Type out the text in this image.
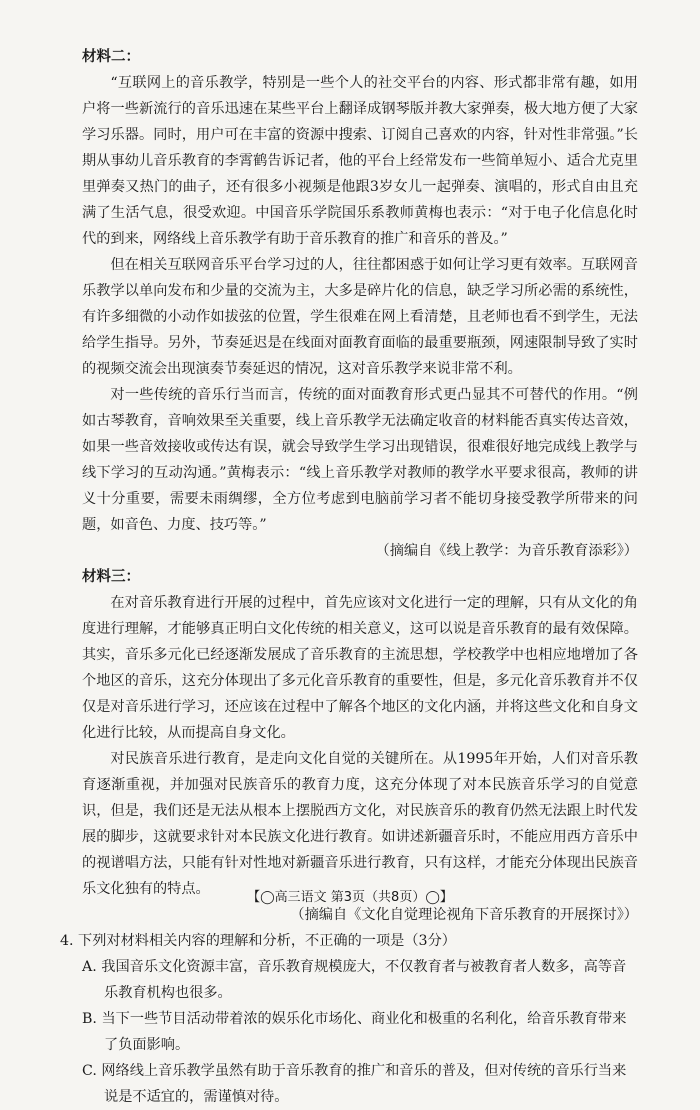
材料二：

“互联网上的音乐教学，特别是一些个人的社交平台的内容、形式都非常有趣，如用户将一些新流行的音乐迅速在某些平台上翻译成钢琴版并教大家弹奏，极大地方便了大家学习乐器。同时，用户可在丰富的资源中搜索、订阅自己喜欢的内容，针对性非常强。”长期从事幼儿音乐教育的李霄鹤告诉记者，他的平台上经常发布一些简单短小、适合尤克里里弹奏又热门的曲子，还有很多小视频是他跟3岁女儿一起弹奏、演唱的，形式自由且充满了生活气息，很受欢迎。中国音乐学院国乐系教师黄梅也表示：“对于电子化信息化时代的到来，网络线上音乐教学有助于音乐教育的推广和音乐的普及。”

但在相关互联网音乐平台学习过的人，往往都困惑于如何让学习更有效率。互联网音乐教学以单向发布和少量的交流为主，大多是碎片化的信息，缺乏学习所必需的系统性，有许多细微的小动作如拔弦的位置，学生很难在网上看清楚，且老师也看不到学生，无法给学生指导。另外，节奏延迟是在线面对面教育面临的最重要瓶颈，网速限制导致了实时的视频交流会出现演奏节奏延迟的情况，这对音乐教学来说非常不利。

对一些传统的音乐行当而言，传统的面对面教育形式更凸显其不可替代的作用。“例如古琴教育，音响效果至关重要，线上音乐教学无法确定收音的材料能否真实传达音效，如果一些音效接收或传达有误，就会导致学生学习出现错误，很难很好地完成线上教学与线下学习的互动沟通。”黄梅表示：“线上音乐教学对教师的教学水平要求很高，教师的讲义十分重要，需要未雨绸缪，全方位考虑到电脑前学习者不能切身接受教学所带来的问题，如音色、力度、技巧等。”

（摘编自《线上教学：为音乐教育添彩》）

材料三：

在对音乐教育进行开展的过程中，首先应该对文化进行一定的理解，只有从文化的角度进行理解，才能够真正明白文化传统的相关意义，这可以说是音乐教育的最有效保障。其实，音乐多元化已经逐渐发展成了音乐教育的主流思想，学校教学中也相应地增加了各个地区的音乐，这充分体现出了多元化音乐教育的重要性，但是，多元化音乐教育并不仅仅是对音乐进行学习，还应该在过程中了解各个地区的文化内涵，并将这些文化和自身文化进行比较，从而提高自身文化。

对民族音乐进行教育，是走向文化自觉的关键所在。从1995年开始，人们对音乐教育逐渐重视，并加强对民族音乐的教育力度，这充分体现了对本民族音乐学习的自觉意识，但是，我们还是无法从根本上摆脱西方文化，对民族音乐的教育仍然无法跟上时代发展的脚步，这就要求针对本民族文化进行教育。如讲述新疆音乐时，不能应用西方音乐中的视谱唱方法，只能有针对性地对新疆音乐进行教育，只有这样，才能充分体现出民族音乐文化独有的特点。

（摘编自《文化自觉理论视角下音乐教育的开展探讨》）

4. 下列对材料相关内容的理解和分析，不正确的一项是（3分）

A. 我国音乐文化资源丰富，音乐教育规模庞大，不仅教育者与被教育者人数多，高等音乐教育机构也很多。

B. 当下一些节目活动带着浓的娱乐化市场化、商业化和极重的名利化，给音乐教育带来了负面影响。

C. 网络线上音乐教学虽然有助于音乐教育的推广和音乐的普及，但对传统的音乐行当来说是不适宜的，需谨慎对待。

【◯高三语文 第3页（共8页）◯】
